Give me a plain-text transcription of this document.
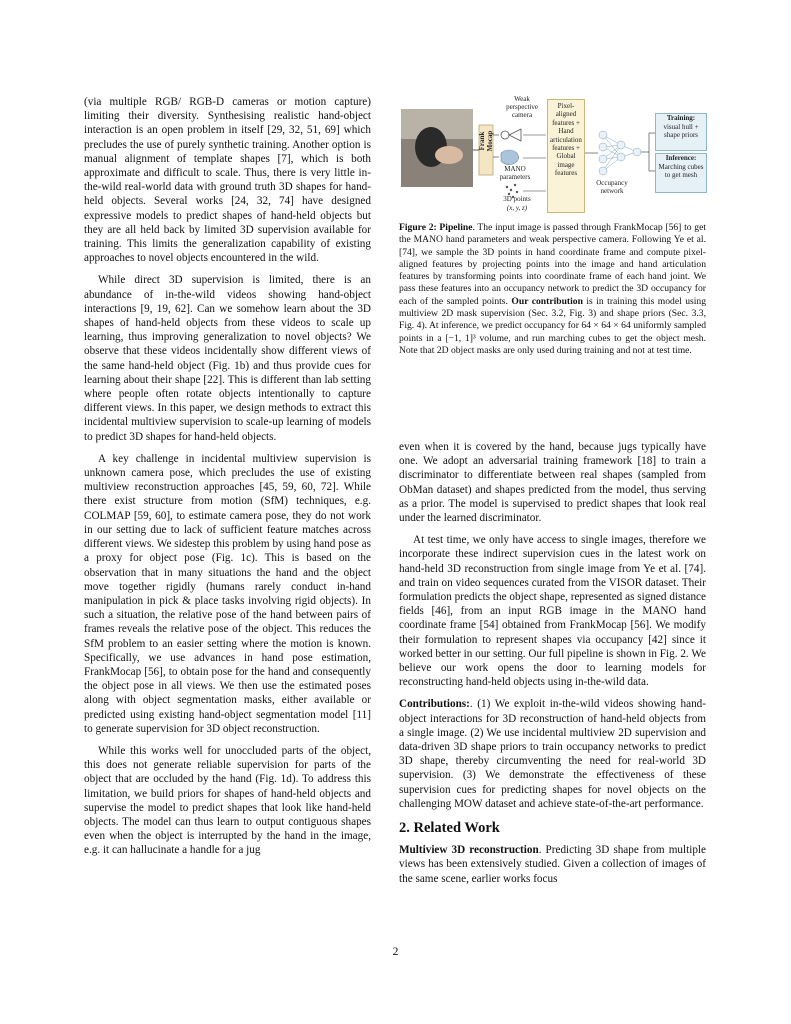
(via multiple RGB/ RGB-D cameras or motion capture) limiting their diversity. Synthesising realistic hand-object interaction is an open problem in itself [29, 32, 51, 69] which precludes the use of purely synthetic training. Another option is manual alignment of template shapes [7], which is both approximate and difficult to scale. Thus, there is very little in-the-wild real-world data with ground truth 3D shapes for hand-held objects. Several works [24, 32, 74] have designed expressive models to predict shapes of hand-held objects but they are all held back by limited 3D supervision available for training. This limits the generalization capability of existing approaches to novel objects encountered in the wild.

While direct 3D supervision is limited, there is an abundance of in-the-wild videos showing hand-object interactions [9, 19, 62]. Can we somehow learn about the 3D shapes of hand-held objects from these videos to scale up learning, thus improving generalization to novel objects? We observe that these videos incidentally show different views of the same hand-held object (Fig. 1b) and thus provide cues for learning about their shape [22]. This is different than lab setting where people often rotate objects intentionally to capture different views. In this paper, we design methods to extract this incidental multiview supervision to scale-up learning of models to predict 3D shapes for hand-held objects.

A key challenge in incidental multiview supervision is unknown camera pose, which precludes the use of existing multiview reconstruction approaches [45, 59, 60, 72]. While there exist structure from motion (SfM) techniques, e.g. COLMAP [59, 60], to estimate camera pose, they do not work in our setting due to lack of sufficient feature matches across different views. We sidestep this problem by using hand pose as a proxy for object pose (Fig. 1c). This is based on the observation that in many situations the hand and the object move together rigidly (humans rarely conduct in-hand manipulation in pick & place tasks involving rigid objects). In such a situation, the relative pose of the hand between pairs of frames reveals the relative pose of the object. This reduces the SfM problem to an easier setting where the motion is known. Specifically, we use advances in hand pose estimation, FrankMocap [56], to obtain pose for the hand and consequently the object pose in all views. We then use the estimated poses along with object segmentation masks, either available or predicted using existing hand-object segmentation model [11] to generate supervision for 3D object reconstruction.

While this works well for unoccluded parts of the object, this does not generate reliable supervision for parts of the object that are occluded by the hand (Fig. 1d). To address this limitation, we build priors for shapes of hand-held objects and supervise the model to predict shapes that look like hand-held objects. The model can thus learn to output contiguous shapes even when the object is interrupted by the hand in the image, e.g. it can hallucinate a handle for a jug

Weak perspective camera
Frank Mocap
MANO parameters
3D points
(x, y, z)
Pixel-aligned features + Hand articulation features + Global image features
Occupancy network
Training:
visual hull + shape priors
Inference:
Marching cubes to get mesh

Figure 2: Pipeline. The input image is passed through FrankMocap [56] to get the MANO hand parameters and weak perspective camera. Following Ye et al. [74], we sample the 3D points in hand coordinate frame and compute pixel-aligned features by projecting points into the image and hand articulation features by transforming points into coordinate frame of each hand joint. We pass these features into an occupancy network to predict the 3D occupancy for each of the sampled points. Our contribution is in training this model using multiview 2D mask supervision (Sec. 3.2, Fig. 3) and shape priors (Sec. 3.3, Fig. 4). At inference, we predict occupancy for 64 × 64 × 64 uniformly sampled points in a [−1, 1]³ volume, and run marching cubes to get the object mesh. Note that 2D object masks are only used during training and not at test time.

even when it is covered by the hand, because jugs typically have one. We adopt an adversarial training framework [18] to train a discriminator to differentiate between real shapes (sampled from ObMan dataset) and shapes predicted from the model, thus serving as a prior. The model is supervised to predict shapes that look real under the learned discriminator.

At test time, we only have access to single images, therefore we incorporate these indirect supervision cues in the latest work on hand-held 3D reconstruction from single image from Ye et al. [74]. and train on video sequences curated from the VISOR dataset. Their formulation predicts the object shape, represented as signed distance fields [46], from an input RGB image in the MANO hand coordinate frame [54] obtained from FrankMocap [56]. We modify their formulation to represent shapes via occupancy [42] since it worked better in our setting. Our full pipeline is shown in Fig. 2. We believe our work opens the door to learning models for reconstructing hand-held objects using in-the-wild data.

Contributions:. (1) We exploit in-the-wild videos showing hand-object interactions for 3D reconstruction of hand-held objects from a single image. (2) We use incidental multiview 2D supervision and data-driven 3D shape priors to train occupancy networks to predict 3D shape, thereby circumventing the need for real-world 3D supervision. (3) We demonstrate the effectiveness of these supervision cues for predicting shapes for novel objects on the challenging MOW dataset and achieve state-of-the-art performance.

2. Related Work

Multiview 3D reconstruction. Predicting 3D shape from multiple views has been extensively studied. Given a collection of images of the same scene, earlier works focus

2
